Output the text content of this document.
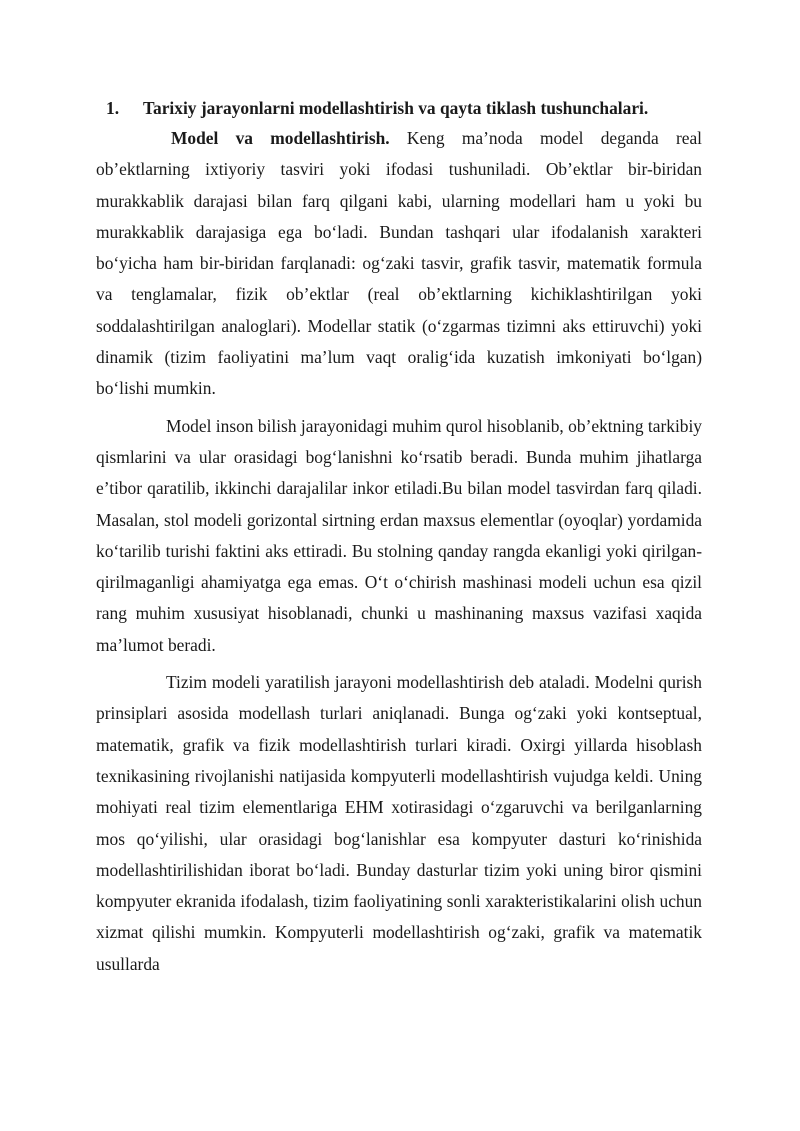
1. Tarixiy jarayonlarni modellashtirish va qayta tiklash tushunchalari.

Model va modellashtirish. Keng ma’noda model deganda real ob’ektlarning ixtiyoriy tasviri yoki ifodasi tushuniladi. Ob’ektlar bir-biridan murakkablik darajasi bilan farq qilgani kabi, ularning modellari ham u yoki bu murakkablik darajasiga ega bo‘ladi. Bundan tashqari ular ifodalanish xarakteri bo‘yicha ham bir-biridan farqlanadi: og‘zaki tasvir, grafik tasvir, matematik formula va tenglamalar, fizik ob’ektlar (real ob’ektlarning kichiklashtirilgan yoki soddalashtirilgan analoglari). Modellar statik (o‘zgarmas tizimni aks ettiruvchi) yoki dinamik (tizim faoliyatini ma’lum vaqt oralig‘ida kuzatish imkoniyati bo‘lgan) bo‘lishi mumkin.

Model inson bilish jarayonidagi muhim qurol hisoblanib, ob’ektning tarkibiy qismlarini va ular orasidagi bog‘lanishni ko‘rsatib beradi. Bunda muhim jihatlarga e’tibor qaratilib, ikkinchi darajalilar inkor etiladi.Bu bilan model tasvirdan farq qiladi. Masalan, stol modeli gorizontal sirtning erdan maxsus elementlar (oyoqlar) yordamida ko‘tarilib turishi faktini aks ettiradi. Bu stolning qanday rangda ekanligi yoki qirilgan-qirilmaganligi ahamiyatga ega emas. O‘t o‘chirish mashinasi modeli uchun esa qizil rang muhim xususiyat hisoblanadi, chunki u mashinaning maxsus vazifasi xaqida ma’lumot beradi.

Tizim modeli yaratilish jarayoni modellashtirish deb ataladi. Modelni qurish prinsiplari asosida modellash turlari aniqlanadi. Bunga og‘zaki yoki kontseptual, matematik, grafik va fizik modellashtirish turlari kiradi. Oxirgi yillarda hisoblash texnikasining rivojlanishi natijasida kompyuterli modellashtirish vujudga keldi. Uning mohiyati real tizim elementlariga EHM xotirasidagi o‘zgaruvchi va berilganlarning mos qo‘yilishi, ular orasidagi bog‘lanishlar esa kompyuter dasturi ko‘rinishida modellashtirilishidan iborat bo‘ladi. Bunday dasturlar tizim yoki uning biror qismini kompyuter ekranida ifodalash, tizim faoliyatining sonli xarakteristikalarini olish uchun xizmat qilishi mumkin. Kompyuterli modellashtirish og‘zaki, grafik va matematik usullarda
